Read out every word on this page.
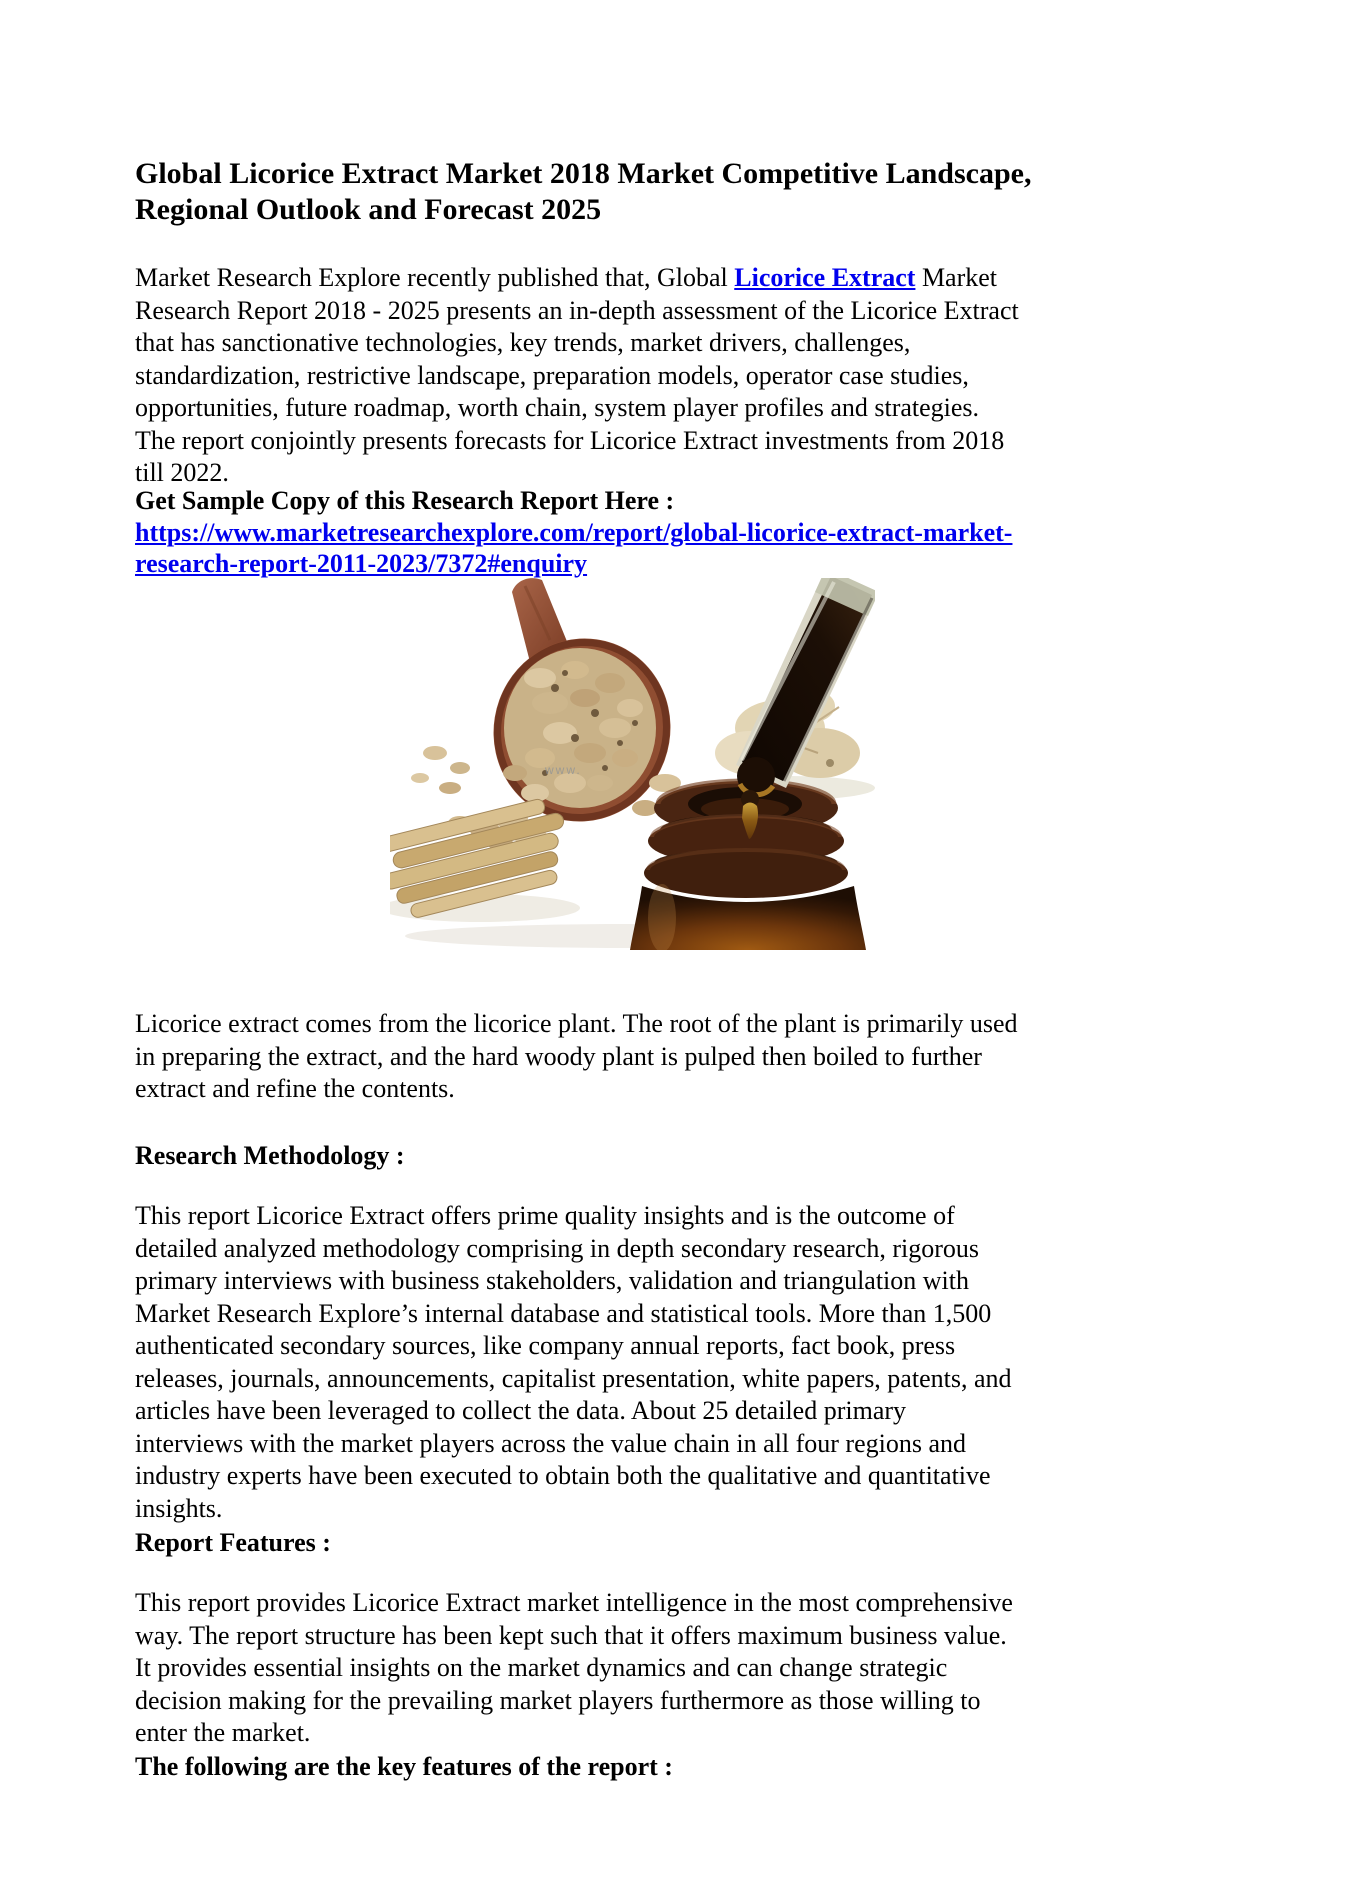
Global Licorice Extract Market 2018 Market Competitive Landscape, Regional Outlook and Forecast 2025

Market Research Explore recently published that, Global Licorice Extract Market Research Report 2018 - 2025 presents an in-depth assessment of the Licorice Extract that has sanctionative technologies, key trends, market drivers, challenges, standardization, restrictive landscape, preparation models, operator case studies, opportunities, future roadmap, worth chain, system player profiles and strategies. The report conjointly presents forecasts for Licorice Extract investments from 2018 till 2022.

Get Sample Copy of this Research Report Here :

https://www.marketresearchexplore.com/report/global-licorice-extract-market-
research-report-2011-2023/7372#enquiry
www.

Licorice extract comes from the licorice plant. The root of the plant is primarily used in preparing the extract, and the hard woody plant is pulped then boiled to further extract and refine the contents.

Research Methodology :

This report Licorice Extract offers prime quality insights and is the outcome of detailed analyzed methodology comprising in depth secondary research, rigorous primary interviews with business stakeholders, validation and triangulation with Market Research Explore’s internal database and statistical tools. More than 1,500 authenticated secondary sources, like company annual reports, fact book, press releases, journals, announcements, capitalist presentation, white papers, patents, and articles have been leveraged to collect the data. About 25 detailed primary interviews with the market players across the value chain in all four regions and industry experts have been executed to obtain both the qualitative and quantitative insights.

Report Features :

This report provides Licorice Extract market intelligence in the most comprehensive way. The report structure has been kept such that it offers maximum business value. It provides essential insights on the market dynamics and can change strategic decision making for the prevailing market players furthermore as those willing to enter the market.

The following are the key features of the report :
